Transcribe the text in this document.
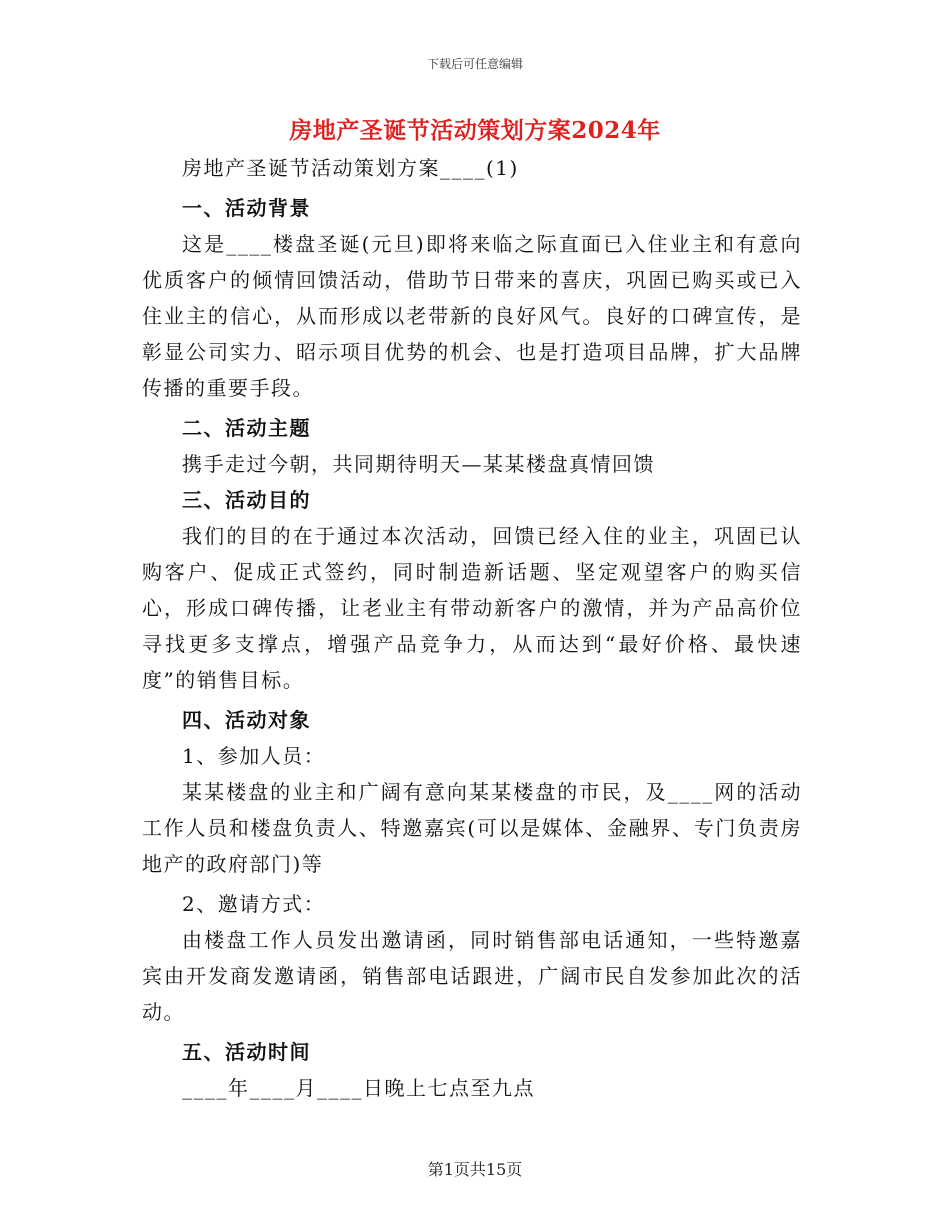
下载后可任意编辑
房地产圣诞节活动策划方案2024年

房地产圣诞节活动策划方案____(1)

一、活动背景

这是____楼盘圣诞(元旦)即将来临之际直面已入住业主和有意向优质客户的倾情回馈活动，借助节日带来的喜庆，巩固已购买或已入住业主的信心，从而形成以老带新的良好风气。良好的口碑宣传，是彰显公司实力、昭示项目优势的机会、也是打造项目品牌，扩大品牌传播的重要手段。

二、活动主题

携手走过今朝，共同期待明天—某某楼盘真情回馈

三、活动目的

我们的目的在于通过本次活动，回馈已经入住的业主，巩固已认购客户、促成正式签约，同时制造新话题、坚定观望客户的购买信心，形成口碑传播，让老业主有带动新客户的激情，并为产品高价位寻找更多支撑点，增强产品竞争力，从而达到“最好价格、最快速度”的销售目标。

四、活动对象

1、参加人员：

某某楼盘的业主和广阔有意向某某楼盘的市民，及____网的活动工作人员和楼盘负责人、特邀嘉宾(可以是媒体、金融界、专门负责房地产的政府部门)等

2、邀请方式：

由楼盘工作人员发出邀请函，同时销售部电话通知，一些特邀嘉宾由开发商发邀请函，销售部电话跟进，广阔市民自发参加此次的活动。

五、活动时间

____年____月____日晚上七点至九点

第1页共15页
